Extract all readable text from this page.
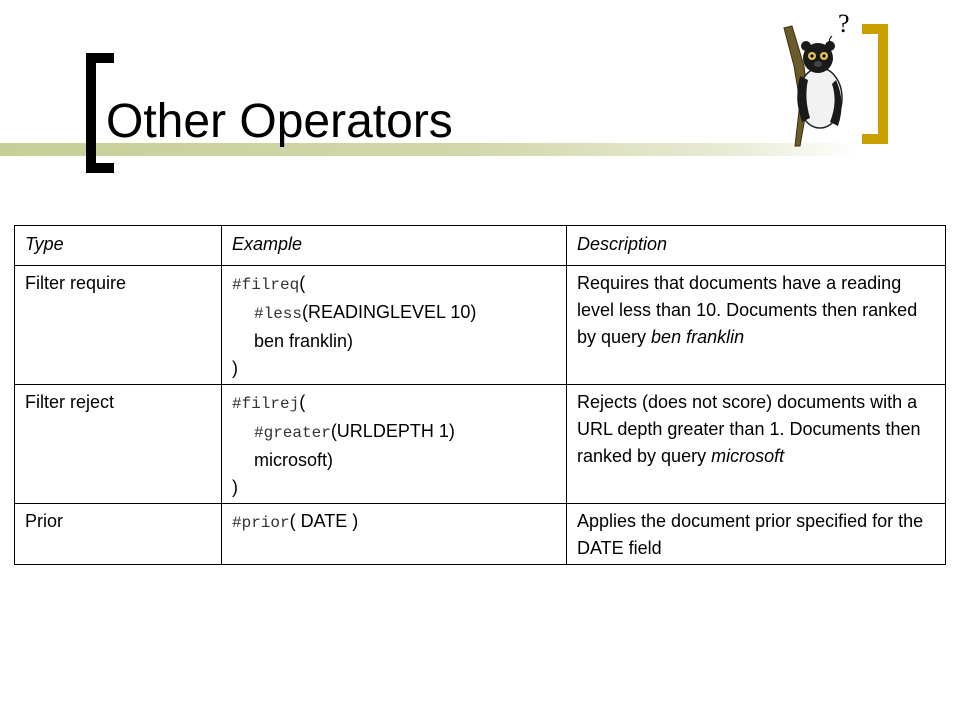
Other Operators
?
Type	Example	Description
Filter require	#filreq(
#less(READINGLEVEL 10)
ben franklin)
)	Requires that documents have a reading level less than 10. Documents then ranked by query ben franklin
Filter reject	#filrej(
#greater(URLDEPTH 1)
microsoft)
)	Rejects (does not score) documents with a URL depth greater than 1. Documents then ranked by query microsoft
Prior	#prior( DATE )	Applies the document prior specified for the DATE field
